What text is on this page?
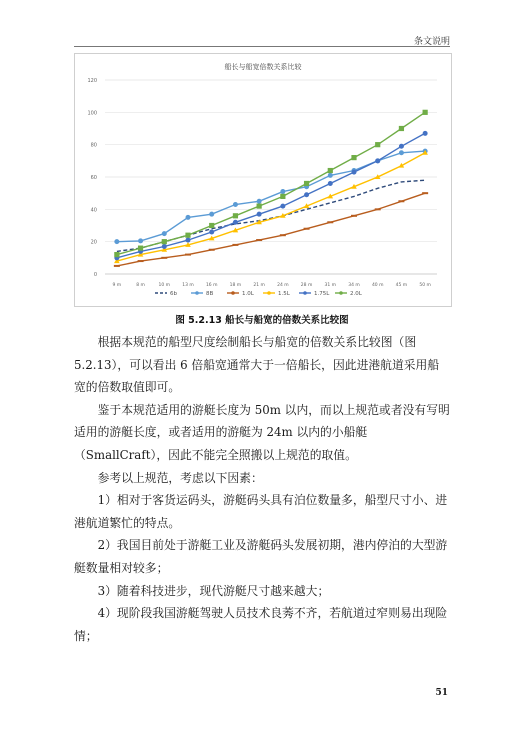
条文说明
船长与船宽倍数关系比较
0
20
40
60
80
100
120
9 m	8 m	10 m	13 m	16 m	18 m	21 m	24 m	28 m	31 m	34 m	40 m	45 m	50 m
6b	8B	1.0L	1.5L	1.75L	2.0L
图 5.2.13 船长与船宽的倍数关系比较图

根据本规范的船型尺度绘制船长与船宽的倍数关系比较图（图 5.2.13），可以看出 6 倍船宽通常大于一倍船长，因此进港航道采用船宽的倍数取值即可。

鉴于本规范适用的游艇长度为 50m 以内，而以上规范或者没有写明适用的游艇长度，或者适用的游艇为 24m 以内的小船艇（SmallCraft），因此不能完全照搬以上规范的取值。

参考以上规范，考虑以下因素：

1）相对于客货运码头，游艇码头具有泊位数量多，船型尺寸小、进港航道繁忙的特点。

2）我国目前处于游艇工业及游艇码头发展初期，港内停泊的大型游艇数量相对较多；

3）随着科技进步，现代游艇尺寸越来越大；

4）现阶段我国游艇驾驶人员技术良莠不齐，若航道过窄则易出现险情；

51
